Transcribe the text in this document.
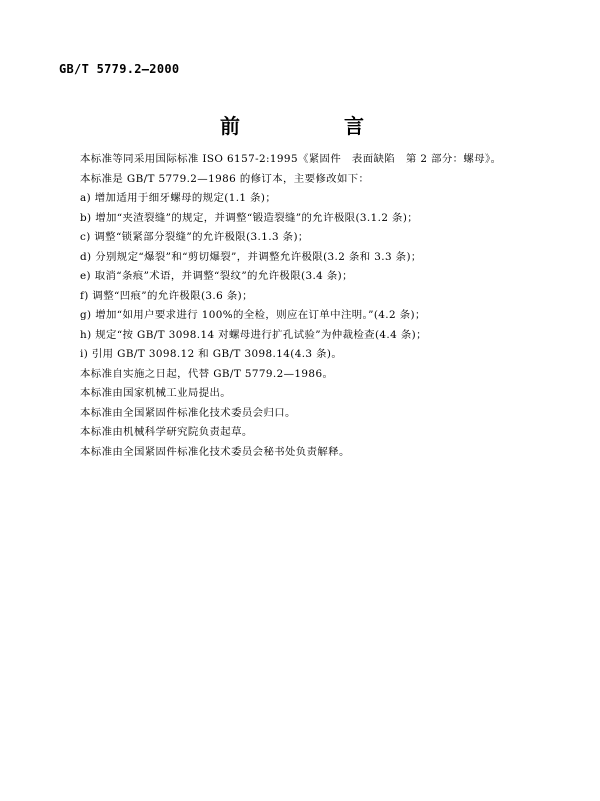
GB/T 5779.2—2000
前　言
本标准等同采用国际标准 ISO 6157-2:1995《紧固件　表面缺陷　第 2 部分：螺母》。
本标准是 GB/T 5779.2—1986 的修订本，主要修改如下：
a) 增加适用于细牙螺母的规定(1.1 条)；
b) 增加“夹渣裂缝”的规定，并调整“锻造裂缝”的允许极限(3.1.2 条)；
c) 调整“锁紧部分裂缝”的允许极限(3.1.3 条)；
d) 分别规定“爆裂”和“剪切爆裂”，并调整允许极限(3.2 条和 3.3 条)；
e) 取消“条痕”术语，并调整“裂纹”的允许极限(3.4 条)；
f) 调整“凹痕”的允许极限(3.6 条)；
g) 增加“如用户要求进行 100%的全检，则应在订单中注明。”(4.2 条)；
h) 规定“按 GB/T 3098.14 对螺母进行扩孔试验”为仲裁检查(4.4 条)；
i) 引用 GB/T 3098.12 和 GB/T 3098.14(4.3 条)。
本标准自实施之日起，代替 GB/T 5779.2—1986。
本标准由国家机械工业局提出。
本标准由全国紧固件标准化技术委员会归口。
本标准由机械科学研究院负责起草。
本标准由全国紧固件标准化技术委员会秘书处负责解释。
